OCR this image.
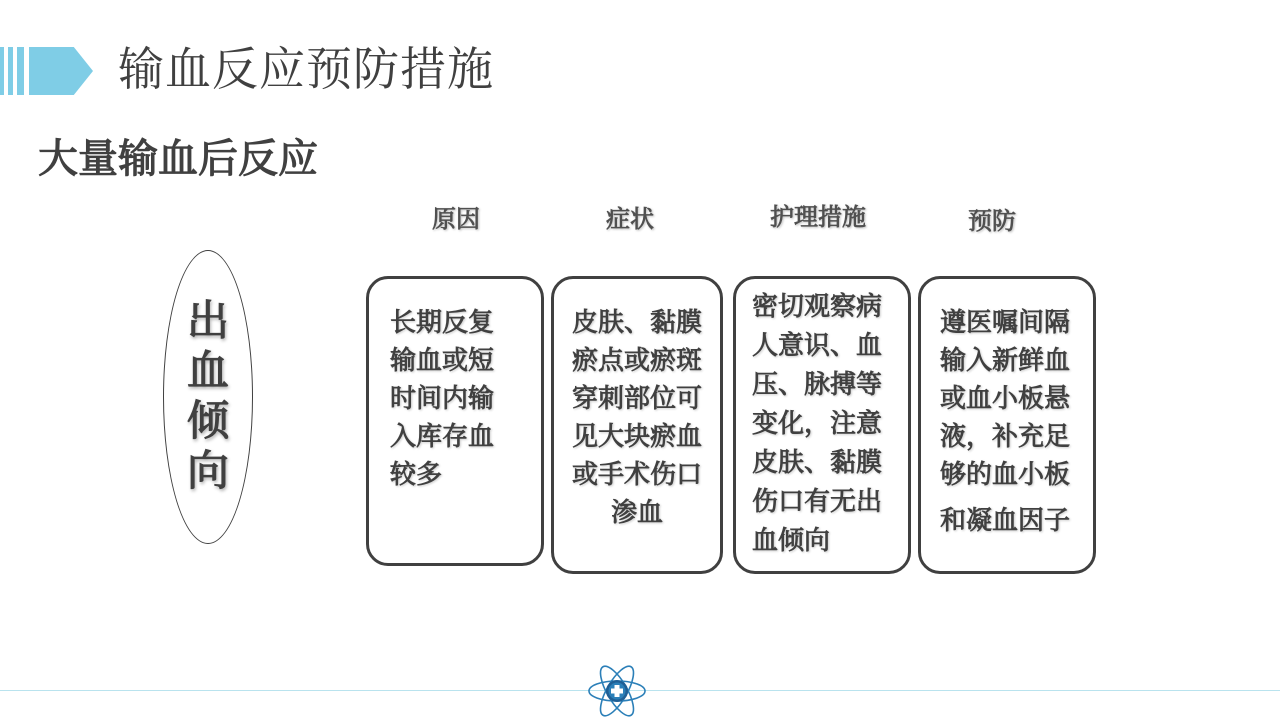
输血反应预防措施
大量输血后反应
原因	症状	护理措施	预防
出
血
倾
向
长期反复
输血或短
时间内输
入库存血
较多
皮肤、黏膜
瘀点或瘀斑
穿刺部位可
见大块瘀血
或手术伤口
渗血
密切观察病
人意识、血
压、脉搏等
变化，注意
皮肤、黏膜
伤口有无出
血倾向
遵医嘱间隔
输入新鲜血
或血小板悬
液，补充足
够的血小板
和凝血因子
